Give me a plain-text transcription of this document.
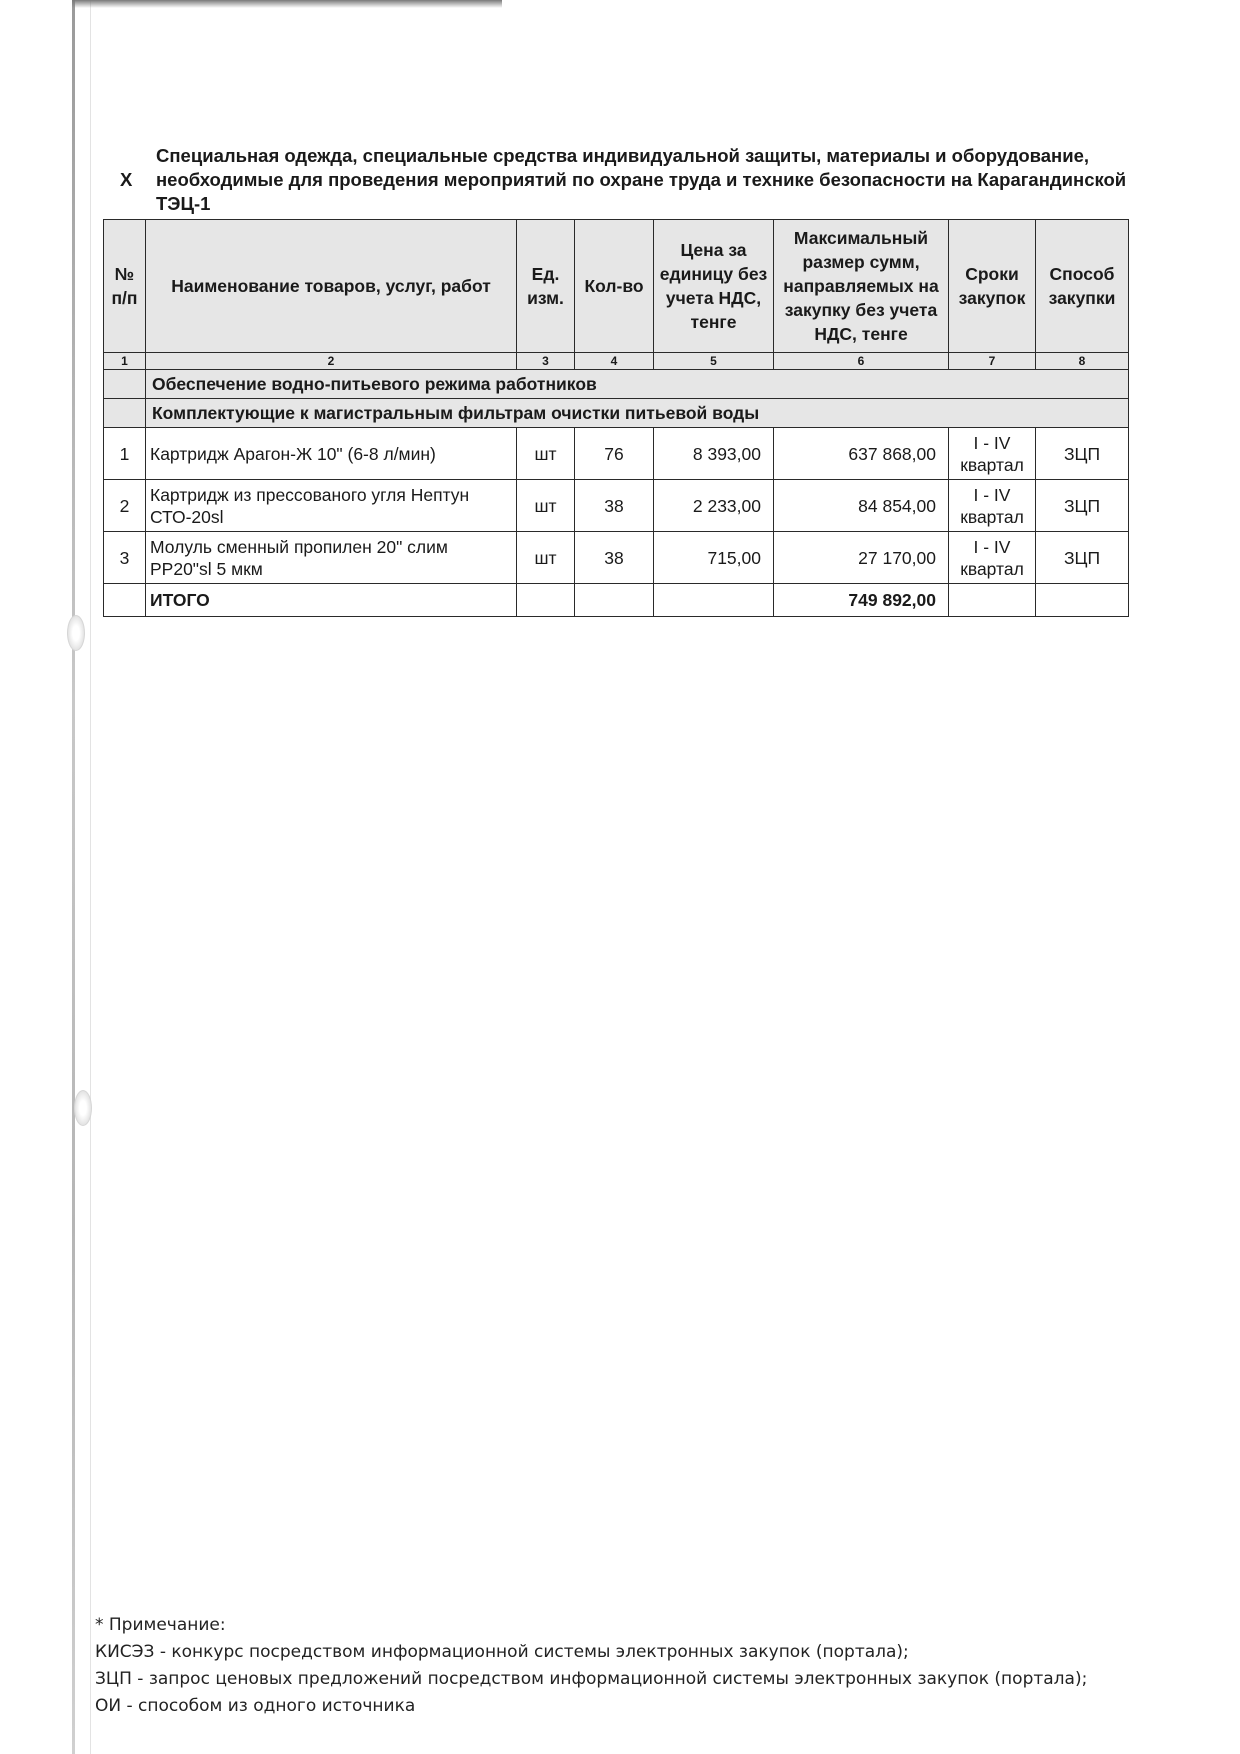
X
Специальная одежда, специальные средства индивидуальной защиты, материалы и оборудование, необходимые для проведения мероприятий по охране труда и технике безопасности на Карагандинской ТЭЦ-1
№ п/п	Наименование товаров, услуг, работ	Ед. изм.	Кол-во	Цена за единицу без учета НДС, тенге	Максимальный размер сумм, направляемых на закупку без учета НДС, тенге	Сроки закупок	Способ закупки
1	2	3	4	5	6	7	8
	Обеспечение водно-питьевого режима работников						
	Комплектующие к магистральным фильтрам очистки питьевой воды						
1	Картридж Арагон-Ж 10" (6-8 л/мин)	шт	76	8 393,00	637 868,00	I - IV квартал	ЗЦП
2	Картридж из прессованого угля Нептун СТО-20sl	шт	38	2 233,00	84 854,00	I - IV квартал	ЗЦП
3	Молуль сменный пропилен 20" слим PP20"sl 5 мкм	шт	38	715,00	27 170,00	I - IV квартал	ЗЦП
	ИТОГО				749 892,00		
* Примечание:
КИСЭЗ - конкурс посредством информационной системы электронных закупок (портала);
ЗЦП - запрос ценовых предложений посредством информационной системы электронных закупок (портала);
ОИ - способом из одного источника
